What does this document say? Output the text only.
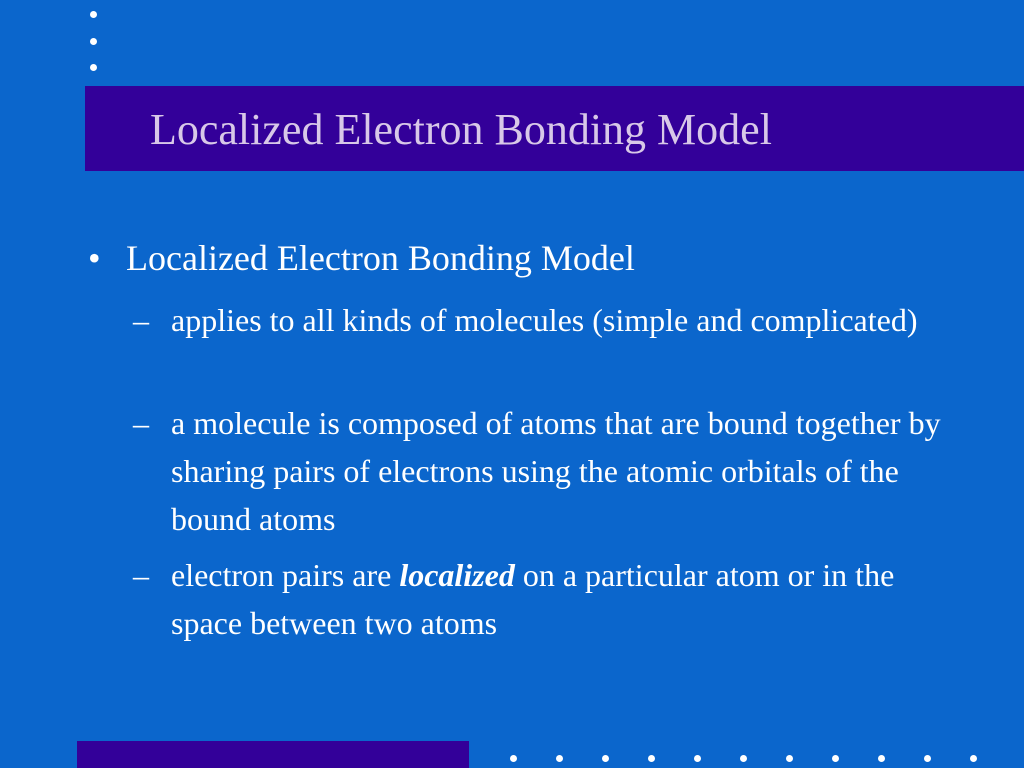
Localized Electron Bonding Model
• Localized Electron Bonding Model
– applies to all kinds of molecules (simple and complicated)
– a molecule is composed of atoms that are bound together by sharing pairs of electrons using the atomic orbitals of the bound atoms
– electron pairs are localized on a particular atom or in the space between two atoms
